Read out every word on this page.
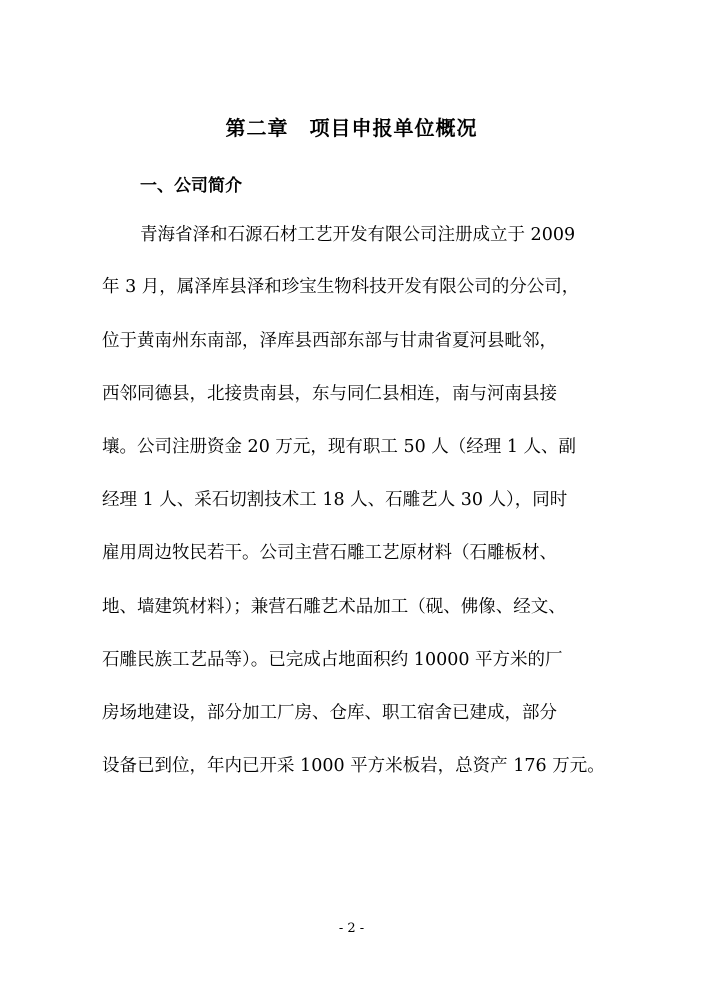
第二章　项目申报单位概况
一、公司简介
青海省泽和石源石材工艺开发有限公司注册成立于 2009
年 3 月，属泽库县泽和珍宝生物科技开发有限公司的分公司，
位于黄南州东南部，泽库县西部东部与甘肃省夏河县毗邻，
西邻同德县，北接贵南县，东与同仁县相连，南与河南县接
壤。公司注册资金 20 万元，现有职工 50 人（经理 1 人、副
经理 1 人、采石切割技术工 18 人、石雕艺人 30 人），同时
雇用周边牧民若干。公司主营石雕工艺原材料（石雕板材、
地、墙建筑材料）；兼营石雕艺术品加工（砚、佛像、经文、
石雕民族工艺品等）。已完成占地面积约 10000 平方米的厂
房场地建设，部分加工厂房、仓库、职工宿舍已建成，部分
设备已到位，年内已开采 1000 平方米板岩，总资产 176 万元。
- 2 -
